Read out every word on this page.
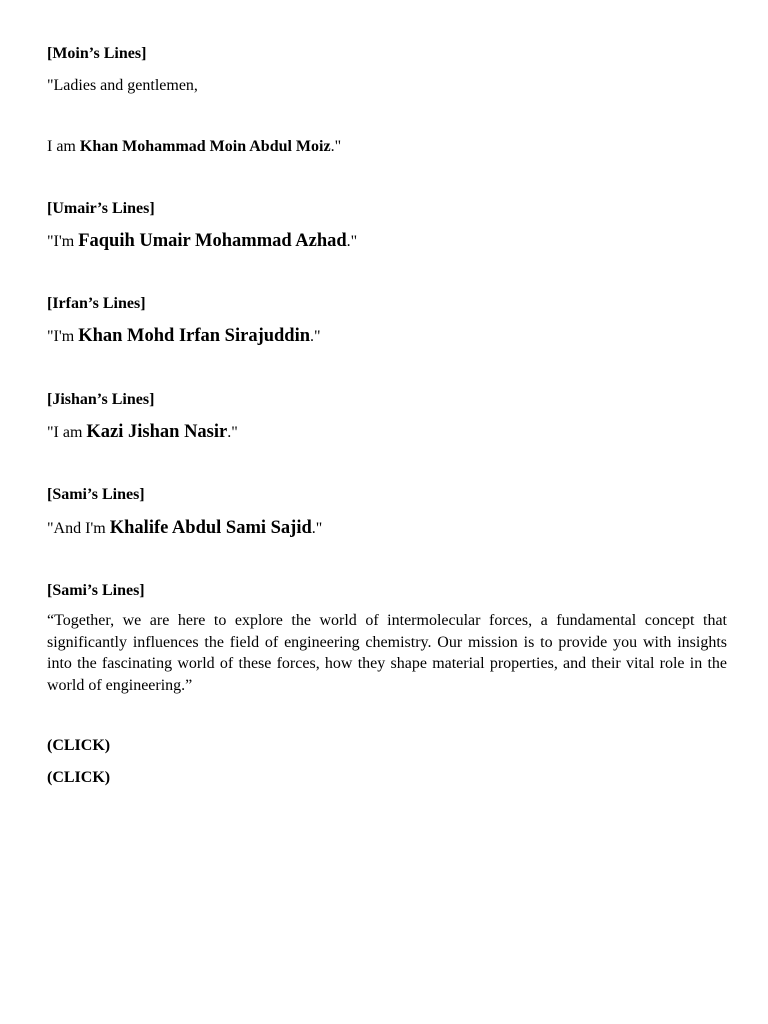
[Moin’s Lines]
"Ladies and gentlemen,
I am Khan Mohammad Moin Abdul Moiz."
[Umair’s Lines]
"I'm Faquih Umair Mohammad Azhad."
[Irfan’s Lines]
"I'm Khan Mohd Irfan Sirajuddin."
[Jishan’s Lines]
"I am Kazi Jishan Nasir."
[Sami’s Lines]
"And I'm Khalife Abdul Sami Sajid."
[Sami’s Lines]
“Together, we are here to explore the world of intermolecular forces, a fundamental concept that significantly influences the field of engineering chemistry. Our mission is to provide you with insights into the fascinating world of these forces, how they shape material properties, and their vital role in the world of engineering.”
(CLICK)
(CLICK)
